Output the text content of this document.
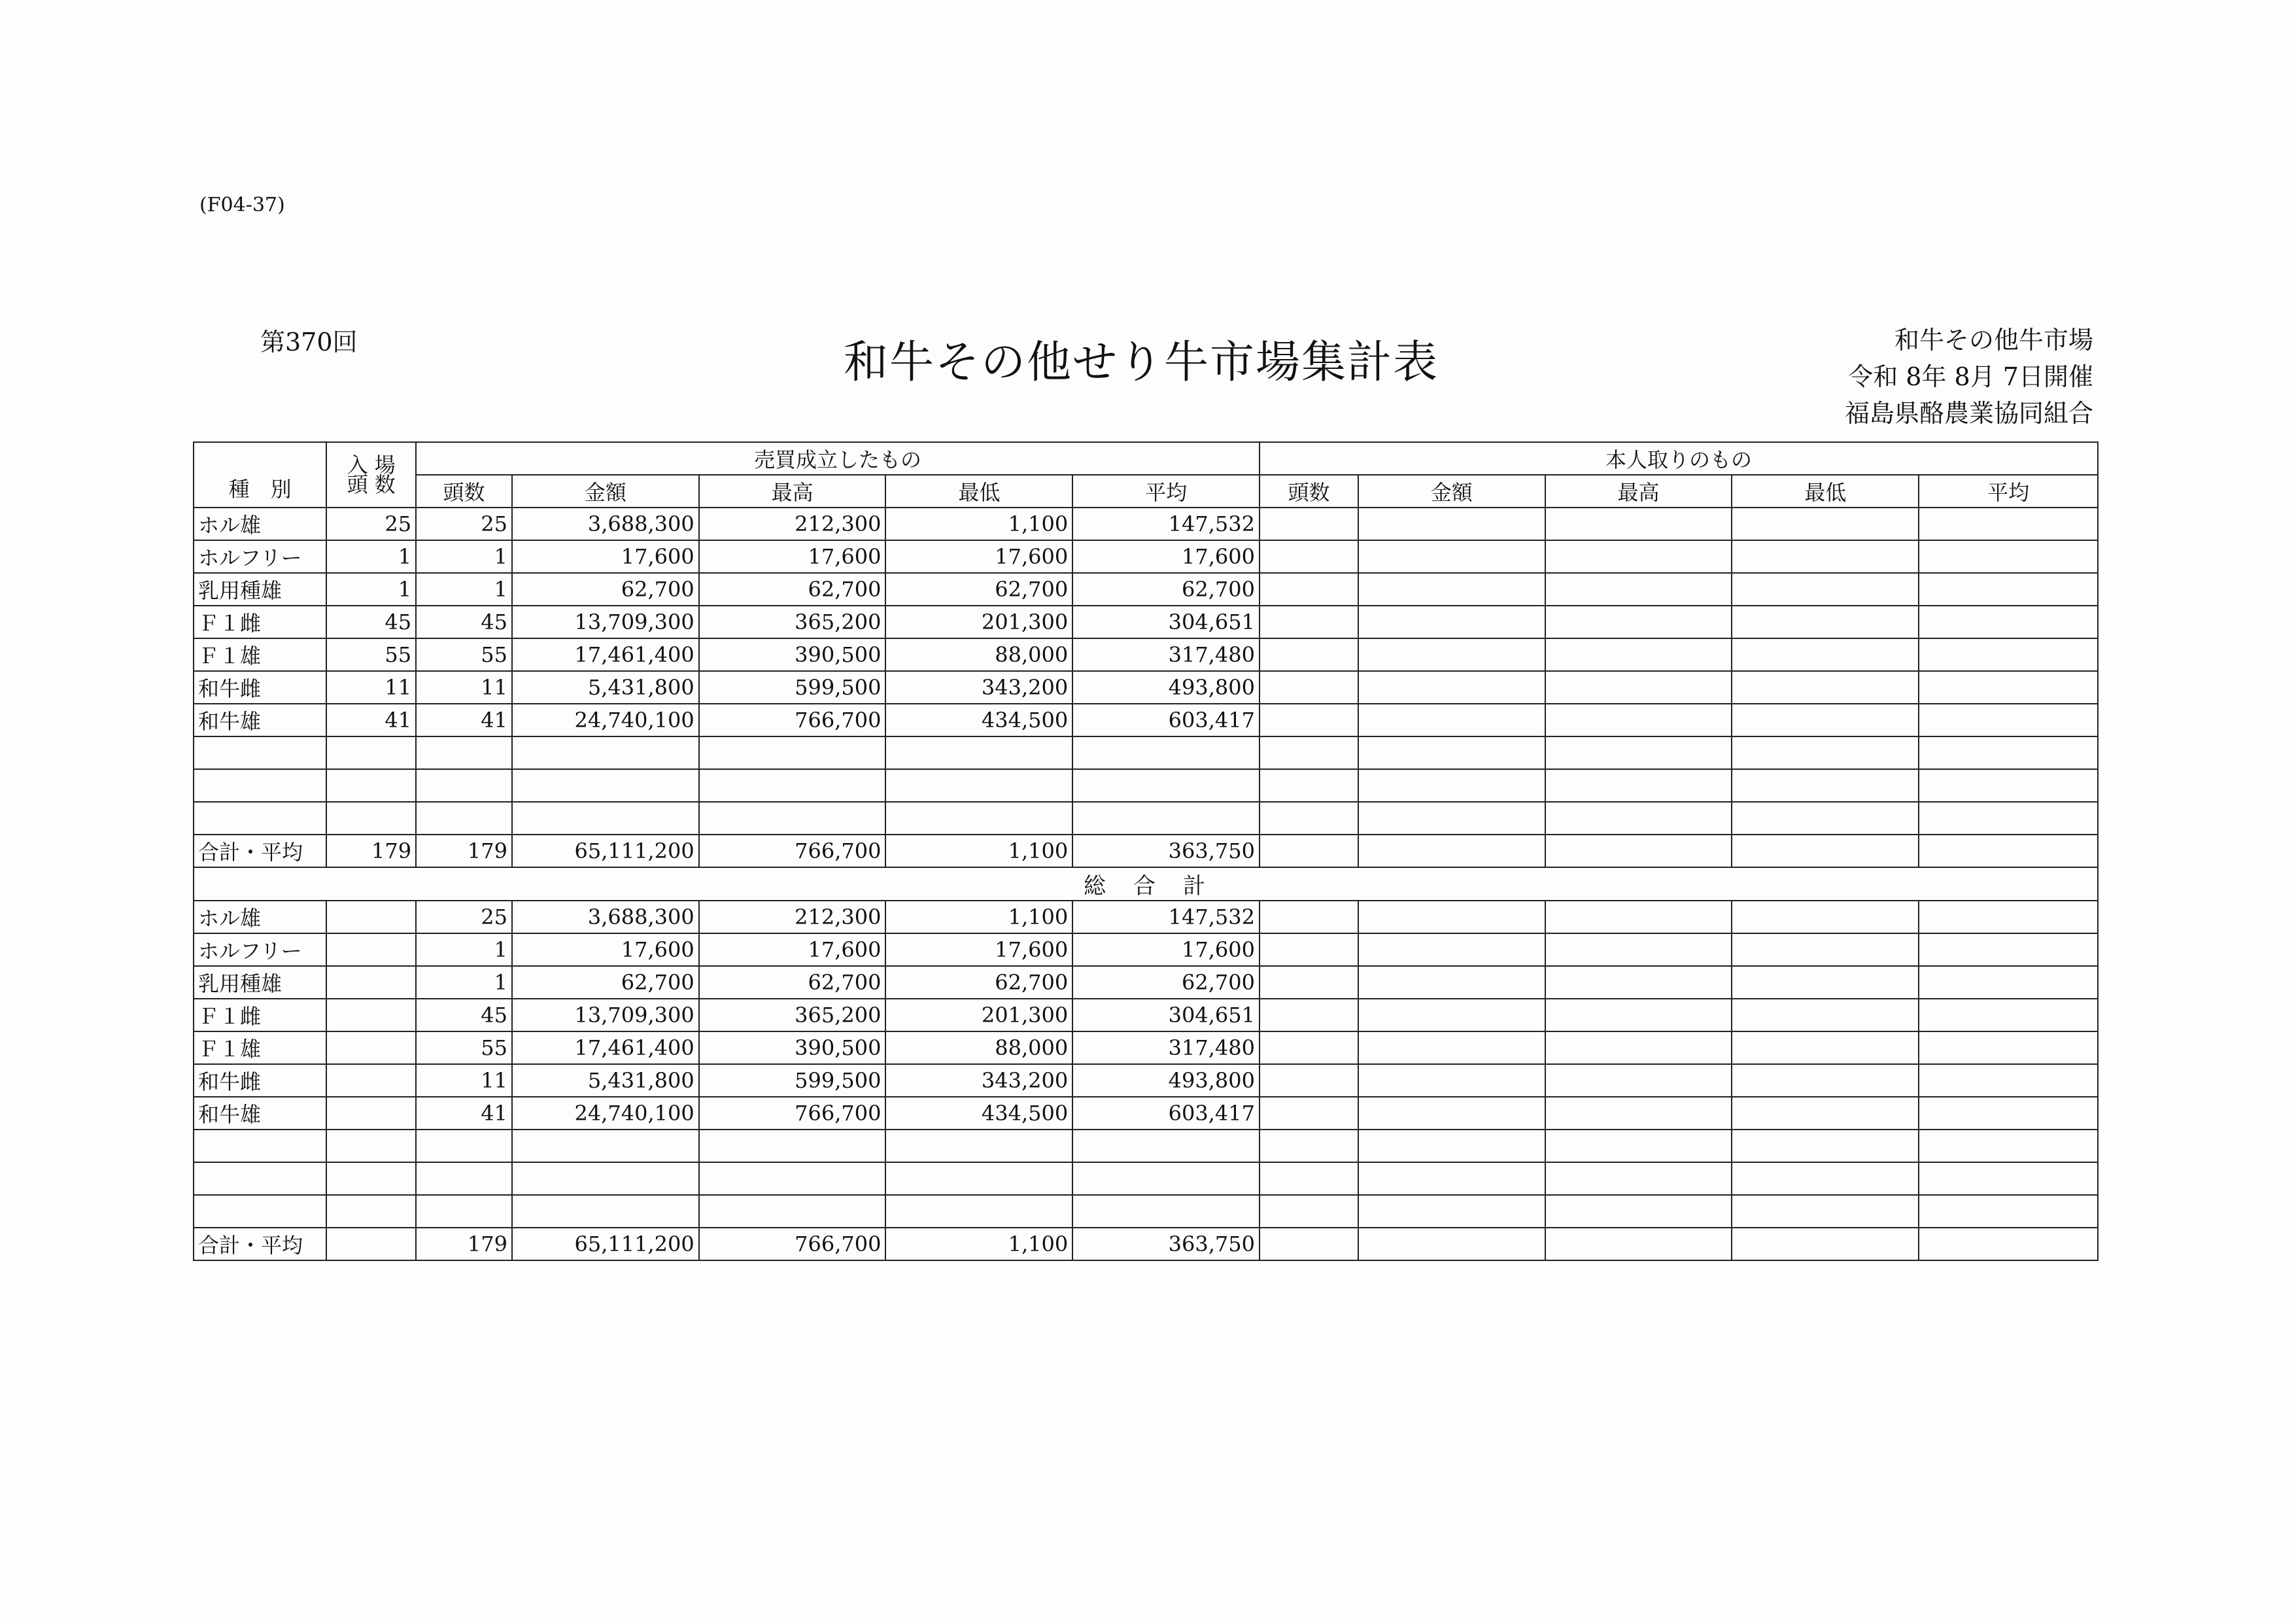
(F04-37)
第370回	和牛その他せり牛市場集計表	和牛その他牛市場
令和 8年 8月 7日開催
福島県酪農業協同組合
種　別	入 場
頭 数	売買成立したもの					本人取りのもの				
		頭数	金額	最高	最低	平均	頭数	金額	最高	最低	平均
ホル雄	25	25	3,688,300	212,300	1,100	147,532					
ホルフリー	1	1	17,600	17,600	17,600	17,600					
乳用種雄	1	1	62,700	62,700	62,700	62,700					
Ｆ１雌	45	45	13,709,300	365,200	201,300	304,651					
Ｆ１雄	55	55	17,461,400	390,500	88,000	317,480					
和牛雌	11	11	5,431,800	599,500	343,200	493,800					
和牛雄	41	41	24,740,100	766,700	434,500	603,417					

合計・平均	179	179	65,111,200	766,700	1,100	363,750					
総　合　計											
ホル雄		25	3,688,300	212,300	1,100	147,532					
ホルフリー		1	17,600	17,600	17,600	17,600					
乳用種雄		1	62,700	62,700	62,700	62,700					
Ｆ１雌		45	13,709,300	365,200	201,300	304,651					
Ｆ１雄		55	17,461,400	390,500	88,000	317,480					
和牛雌		11	5,431,800	599,500	343,200	493,800					
和牛雄		41	24,740,100	766,700	434,500	603,417					

合計・平均		179	65,111,200	766,700	1,100	363,750					
